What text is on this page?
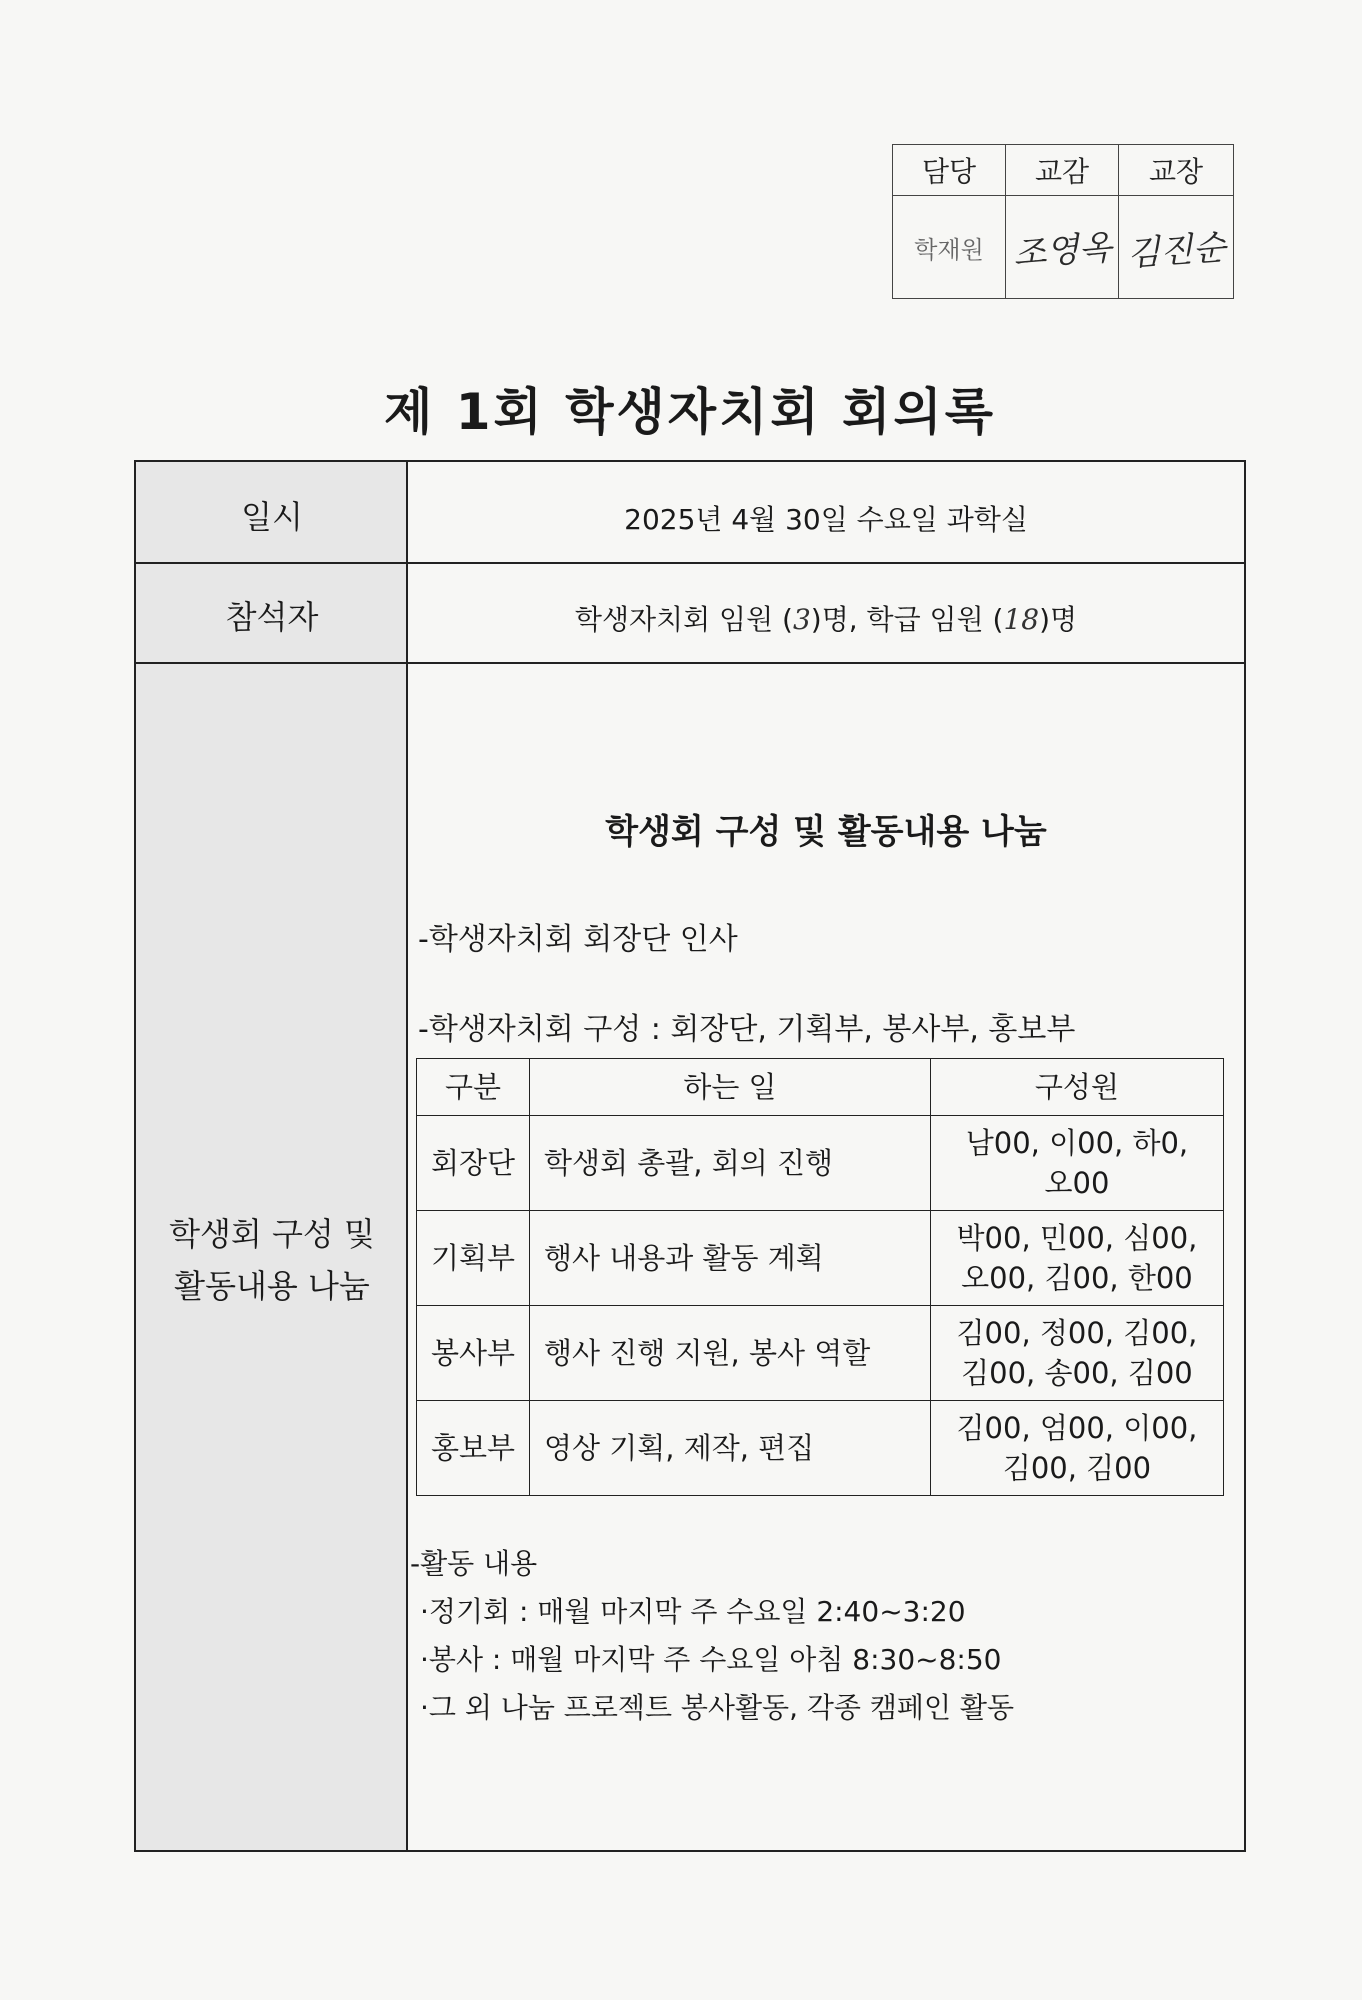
담당	교감	교장
학재원	조영옥	김진순
제 1회 학생자치회 회의록
일시	2025년 4월 30일 수요일 과학실
참석자	학생자치회 임원 (3)명, 학급 임원 (18)명
학생회 구성 및
활동내용 나눔
학생회 구성 및 활동내용 나눔
-학생자치회 회장단 인사
-학생자치회 구성 : 회장단, 기획부, 봉사부, 홍보부
구분	하는 일	구성원
회장단	학생회 총괄, 회의 진행	남00, 이00, 하0,
오00

기획부	행사 내용과 활동 계획	박00, 민00, 심00,
오00, 김00, 한00

봉사부	행사 진행 지원, 봉사 역할	김00, 정00, 김00,
김00, 송00, 김00

홍보부	영상 기획, 제작, 편집	김00, 엄00, 이00,
김00, 김00
-활동 내용
·정기회 : 매월 마지막 주 수요일 2:40~3:20
·봉사 : 매월 마지막 주 수요일 아침 8:30~8:50
·그 외 나눔 프로젝트 봉사활동, 각종 캠페인 활동
